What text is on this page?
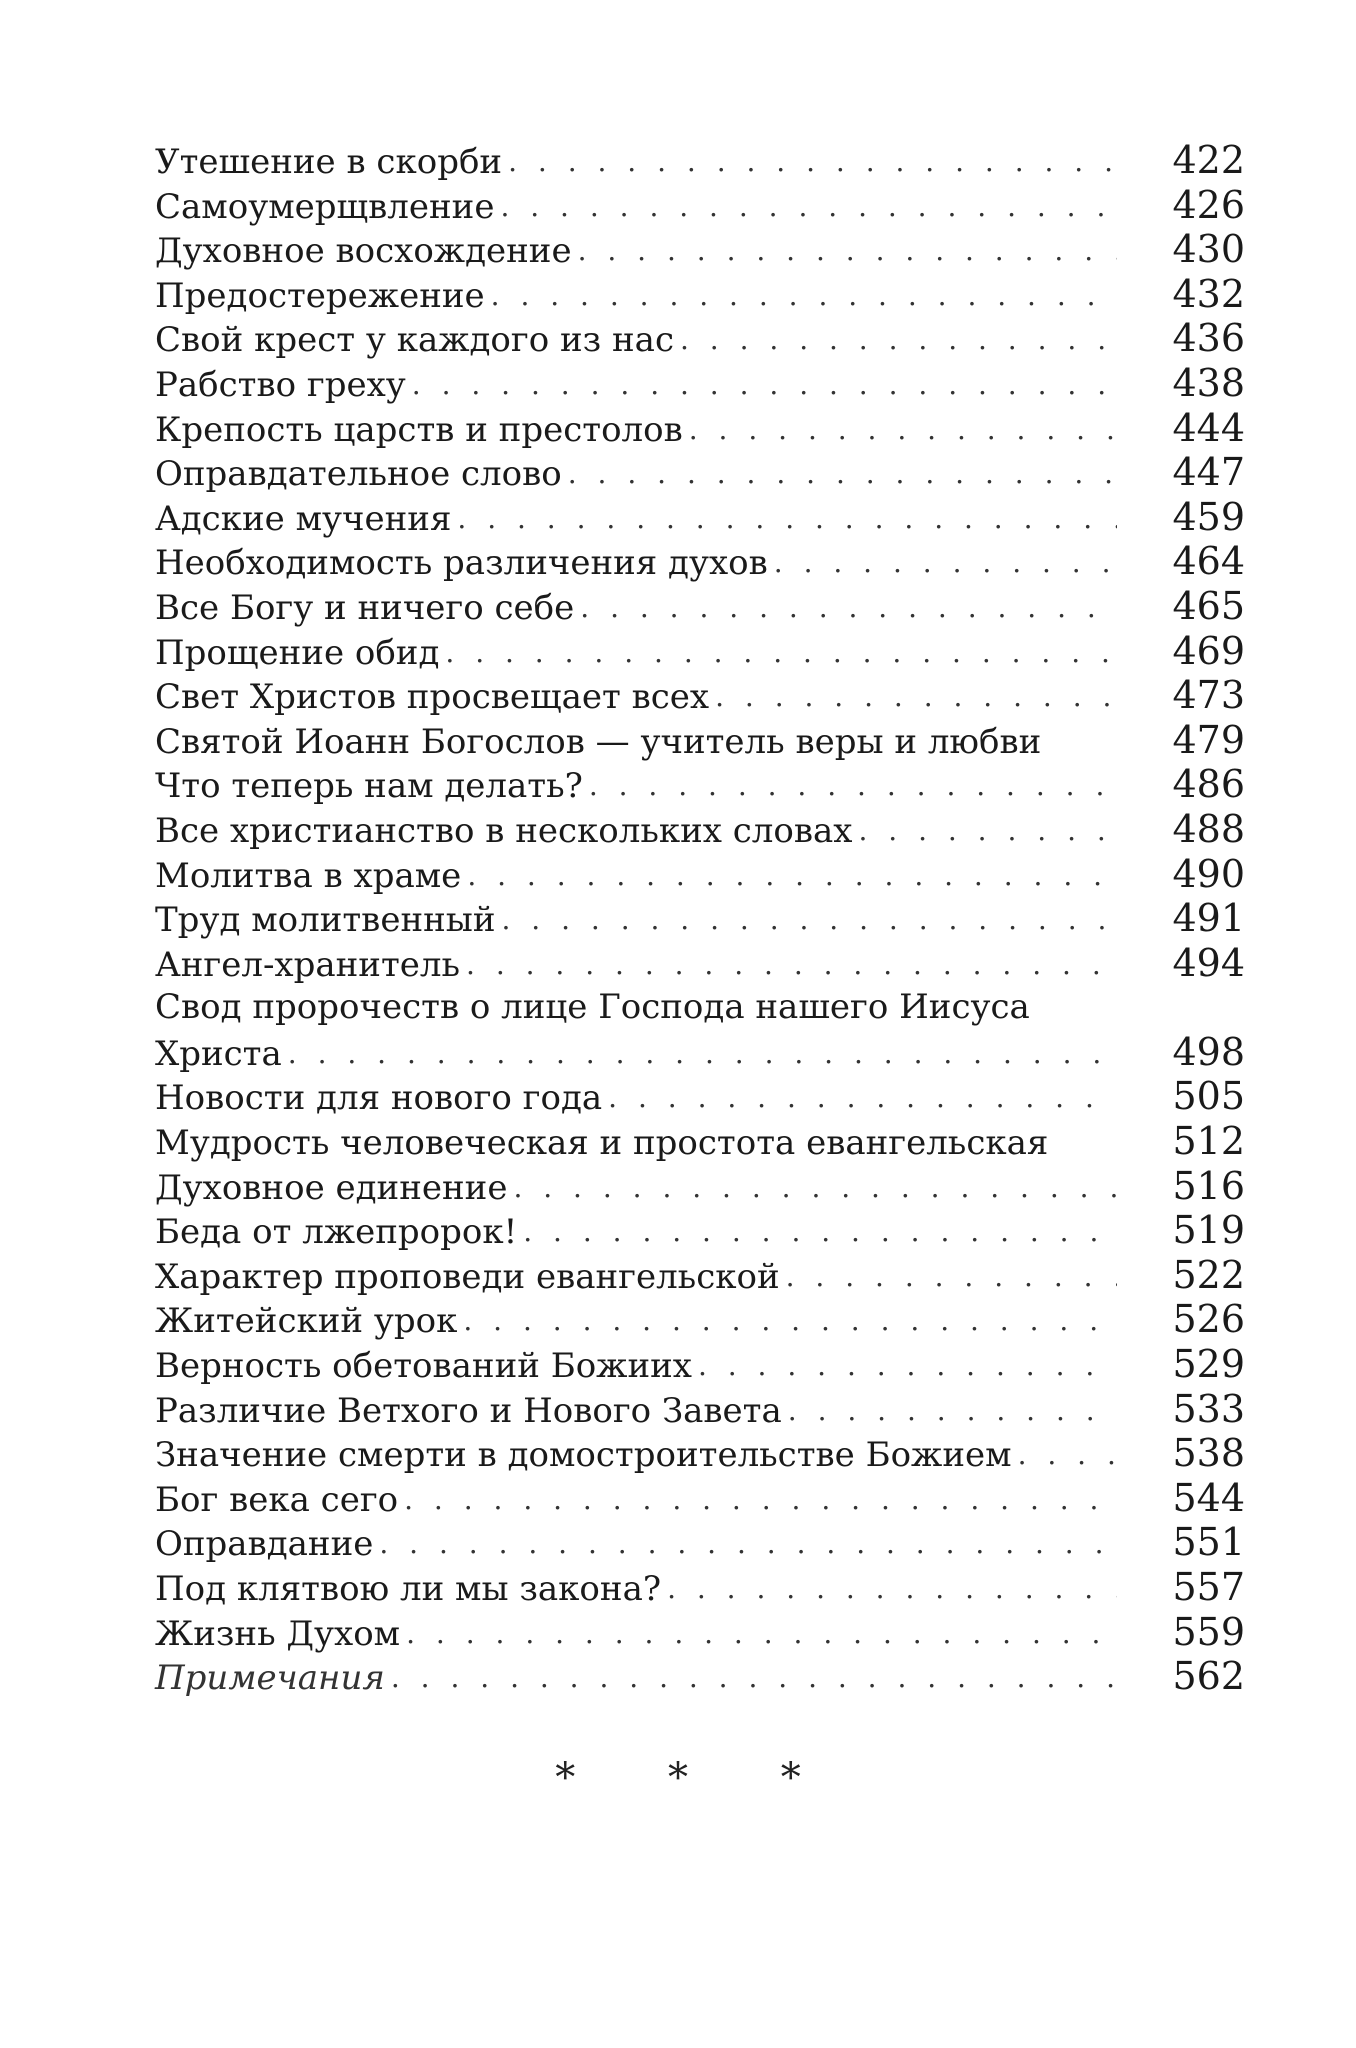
Утешение в скорби . . .	422
Самоумерщвление . . .	426
Духовное восхождение . . .	430
Предостережение . . .	432
Свой крест у каждого из нас . . .	436
Рабство греху . . .	438
Крепость царств и престолов . . .	444
Оправдательное слово . . .	447
Адские мучения . . .	459
Необходимость различения духов . . .	464
Все Богу и ничего себе . . .	465
Прощение обид . . .	469
Свет Христов просвещает всех . . .	473
Святой Иоанн Богослов — учитель веры и любви	479
Что теперь нам делать? . . .	486
Все христианство в нескольких словах . . .	488
Молитва в храме . . .	490
Труд молитвенный . . .	491
Ангел-хранитель . . .	494
Свод пророчеств о лице Господа нашего Иисуса
Христа . . .	498
Новости для нового года . . .	505
Мудрость человеческая и простота евангельская	512
Духовное единение . . .	516
Беда от лжепророк! . . .	519
Характер проповеди евангельской . . .	522
Житейский урок . . .	526
Верность обетований Божиих . . .	529
Различие Ветхого и Нового Завета . . .	533
Значение смерти в домостроительстве Божием . . .	538
Бог века сего . . .	544
Оправдание . . .	551
Под клятвою ли мы закона? . . .	557
Жизнь Духом . . .	559
Примечания . . .	562
* * *
